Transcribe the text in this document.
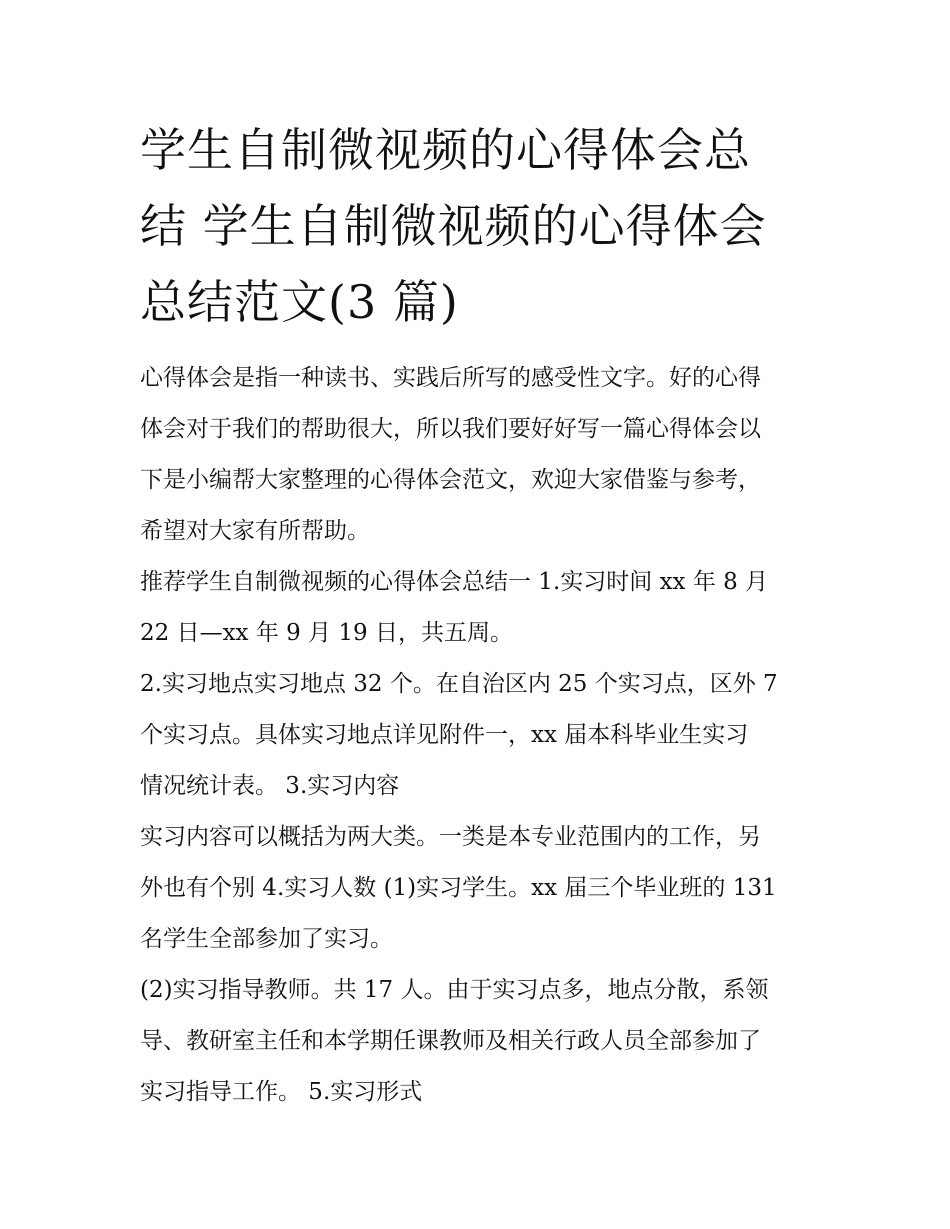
学生自制微视频的心得体会总
结 学生自制微视频的心得体会
总结范文(3 篇)

心得体会是指一种读书、实践后所写的感受性文字。好的心得
体会对于我们的帮助很大，所以我们要好好写一篇心得体会以
下是小编帮大家整理的心得体会范文，欢迎大家借鉴与参考，
希望对大家有所帮助。

推荐学生自制微视频的心得体会总结一 1.实习时间 xx 年 8 月
22 日—xx 年 9 月 19 日，共五周。

2.实习地点实习地点 32 个。在自治区内 25 个实习点，区外 7
个实习点。具体实习地点详见附件一，xx 届本科毕业生实习
情况统计表。 3.实习内容

实习内容可以概括为两大类。一类是本专业范围内的工作，另
外也有个别 4.实习人数 (1)实习学生。xx 届三个毕业班的 131
名学生全部参加了实习。

(2)实习指导教师。共 17 人。由于实习点多，地点分散，系领
导、教研室主任和本学期任课教师及相关行政人员全部参加了
实习指导工作。 5.实习形式
